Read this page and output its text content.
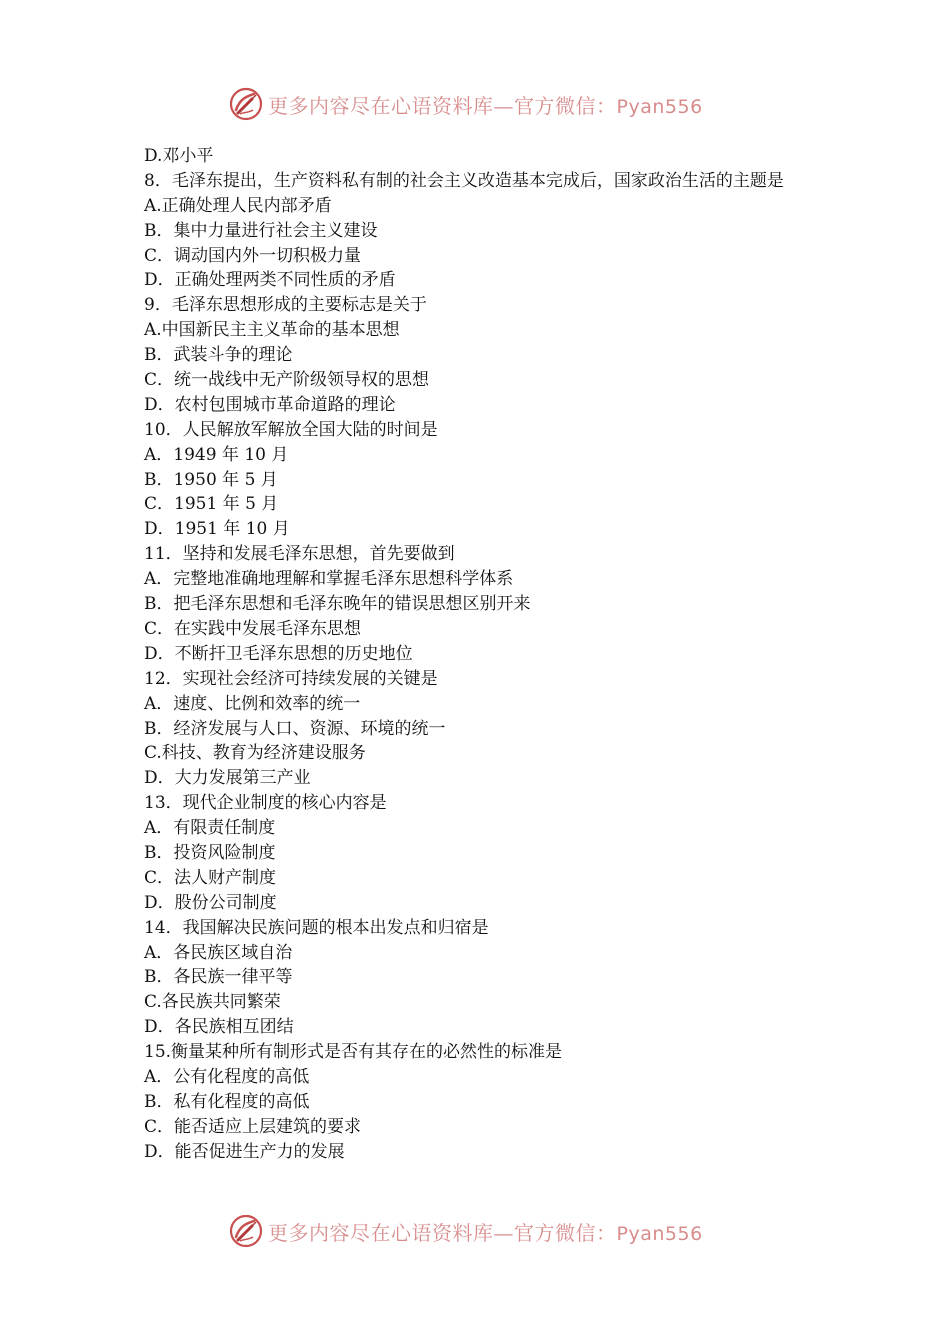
更多内容尽在心语资料库—官方微信：Pyan556
D.邓小平
8．毛泽东提出，生产资料私有制的社会主义改造基本完成后，国家政治生活的主题是
A.正确处理人民内部矛盾
B．集中力量进行社会主义建设
C．调动国内外一切积极力量
D．正确处理两类不同性质的矛盾
9．毛泽东思想形成的主要标志是关于
A.中国新民主主义革命的基本思想
B．武装斗争的理论
C．统一战线中无产阶级领导权的思想
D．农村包围城市革命道路的理论
10．人民解放军解放全国大陆的时间是
A．1949 年 10 月
B．1950 年 5 月
C．1951 年 5 月
D．1951 年 10 月
11．坚持和发展毛泽东思想，首先要做到
A．完整地准确地理解和掌握毛泽东思想科学体系
B．把毛泽东思想和毛泽东晚年的错误思想区别开来
C．在实践中发展毛泽东思想
D．不断扞卫毛泽东思想的历史地位
12．实现社会经济可持续发展的关键是
A．速度、比例和效率的统一
B．经济发展与人口、资源、环境的统一
C.科技、教育为经济建设服务
D．大力发展第三产业
13．现代企业制度的核心内容是
A．有限责任制度
B．投资风险制度
C．法人财产制度
D．股份公司制度
14．我国解决民族问题的根本出发点和归宿是
A．各民族区域自治
B．各民族一律平等
C.各民族共同繁荣
D．各民族相互团结
15.衡量某种所有制形式是否有其存在的必然性的标准是
A．公有化程度的高低
B．私有化程度的高低
C．能否适应上层建筑的要求
D．能否促进生产力的发展
更多内容尽在心语资料库—官方微信：Pyan556
